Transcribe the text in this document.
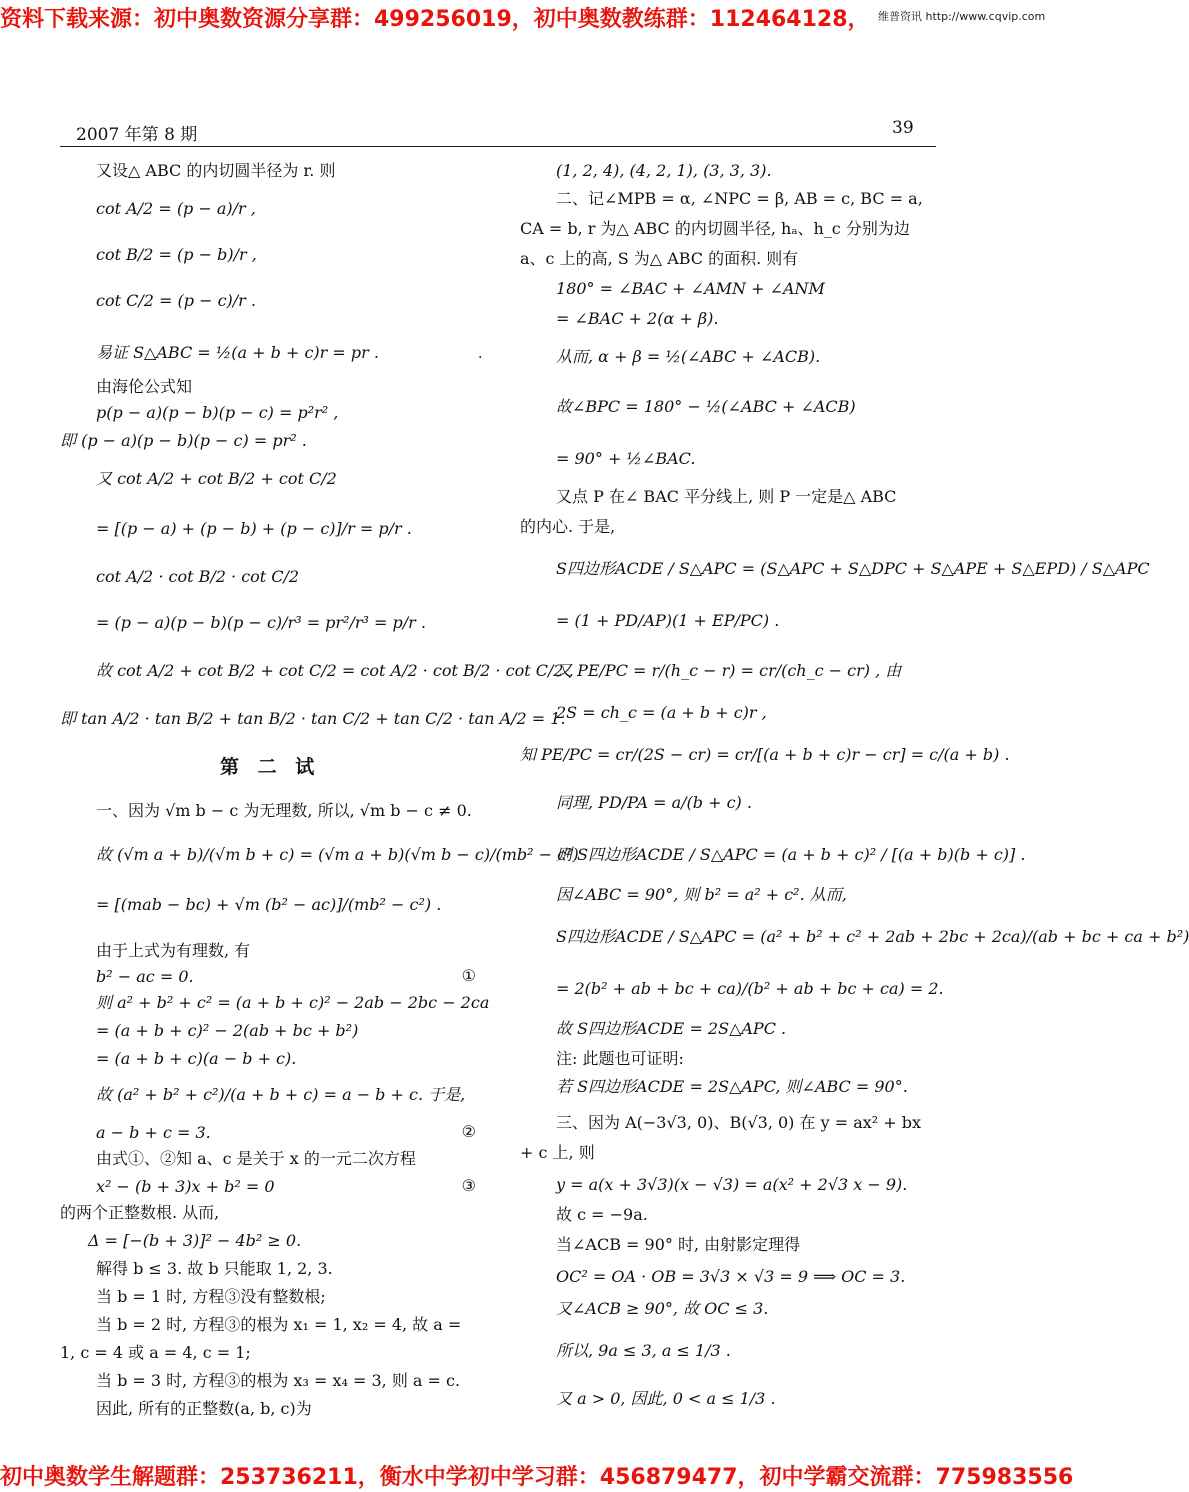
资料下载来源：初中奥数资源分享群：499256019，初中奥数教练群：112464128， 维普资讯 http://www.cqvip.com
2007 年第 8 期	39
·
又设△ ABC 的内切圆半径为 r. 则
cot A/2 = (p − a)/r ,
cot B/2 = (p − b)/r ,
cot C/2 = (p − c)/r .
易证 S△ABC = ½(a + b + c)r = pr .
由海伦公式知
p(p − a)(p − b)(p − c) = p²r² ,
即 (p − a)(p − b)(p − c) = pr² .
又 cot A/2 + cot B/2 + cot C/2
= [(p − a) + (p − b) + (p − c)]/r = p/r .
cot A/2 · cot B/2 · cot C/2
= (p − a)(p − b)(p − c)/r³ = pr²/r³ = p/r .
故 cot A/2 + cot B/2 + cot C/2 = cot A/2 · cot B/2 · cot C/2 ,
即 tan A/2 · tan B/2 + tan B/2 · tan C/2 + tan C/2 · tan A/2 = 1.
第 二 试
一、因为 √m b − c 为无理数, 所以, √m b − c ≠ 0.
故 (√m a + b)/(√m b + c) = (√m a + b)(√m b − c)/(mb² − c²)
= [(mab − bc) + √m (b² − ac)]/(mb² − c²) .
由于上式为有理数, 有
b² − ac = 0.
则 a² + b² + c² = (a + b + c)² − 2ab − 2bc − 2ca
= (a + b + c)² − 2(ab + bc + b²)
= (a + b + c)(a − b + c).
故 (a² + b² + c²)/(a + b + c) = a − b + c. 于是,
a − b + c = 3.
由式①、②知 a、c 是关于 x 的一元二次方程
x² − (b + 3)x + b² = 0
的两个正整数根. 从而,
Δ = [−(b + 3)]² − 4b² ≥ 0.
解得 b ≤ 3. 故 b 只能取 1, 2, 3.
当 b = 1 时, 方程③没有整数根;
当 b = 2 时, 方程③的根为 x₁ = 1, x₂ = 4, 故 a =
1, c = 4 或 a = 4, c = 1;
当 b = 3 时, 方程③的根为 x₃ = x₄ = 3, 则 a = c.
因此, 所有的正整数(a, b, c)为
①
②
③
(1, 2, 4), (4, 2, 1), (3, 3, 3).
二、记∠MPB = α, ∠NPC = β, AB = c, BC = a,
CA = b, r 为△ ABC 的内切圆半径, hₐ、h_c 分别为边
a、c 上的高, S 为△ ABC 的面积. 则有
180° = ∠BAC + ∠AMN + ∠ANM
= ∠BAC + 2(α + β).
从而, α + β = ½(∠ABC + ∠ACB).
故∠BPC = 180° − ½(∠ABC + ∠ACB)
= 90° + ½∠BAC.
又点 P 在∠ BAC 平分线上, 则 P 一定是△ ABC
的内心. 于是,
S四边形ACDE / S△APC = (S△APC + S△DPC + S△APE + S△EPD) / S△APC
= (1 + PD/AP)(1 + EP/PC) .
又 PE/PC = r/(h_c − r) = cr/(ch_c − cr) , 由
2S = ch_c = (a + b + c)r ,
知 PE/PC = cr/(2S − cr) = cr/[(a + b + c)r − cr] = c/(a + b) .
同理, PD/PA = a/(b + c) .
则 S四边形ACDE / S△APC = (a + b + c)² / [(a + b)(b + c)] .
因∠ABC = 90°, 则 b² = a² + c². 从而,
S四边形ACDE / S△APC = (a² + b² + c² + 2ab + 2bc + 2ca)/(ab + bc + ca + b²)
= 2(b² + ab + bc + ca)/(b² + ab + bc + ca) = 2.
故 S四边形ACDE = 2S△APC .
注: 此题也可证明:
若 S四边形ACDE = 2S△APC, 则∠ABC = 90°.
三、因为 A(−3√3, 0)、B(√3, 0) 在 y = ax² + bx
+ c 上, 则
y = a(x + 3√3)(x − √3) = a(x² + 2√3 x − 9).
故 c = −9a.
当∠ACB = 90° 时, 由射影定理得
OC² = OA · OB = 3√3 × √3 = 9 ⟹ OC = 3.
又∠ACB ≥ 90°, 故 OC ≤ 3.
所以, 9a ≤ 3, a ≤ 1/3 .
又 a > 0, 因此, 0 < a ≤ 1/3 .
初中奥数学生解题群：253736211，衡水中学初中学习群：456879477，初中学霸交流群：775983556
